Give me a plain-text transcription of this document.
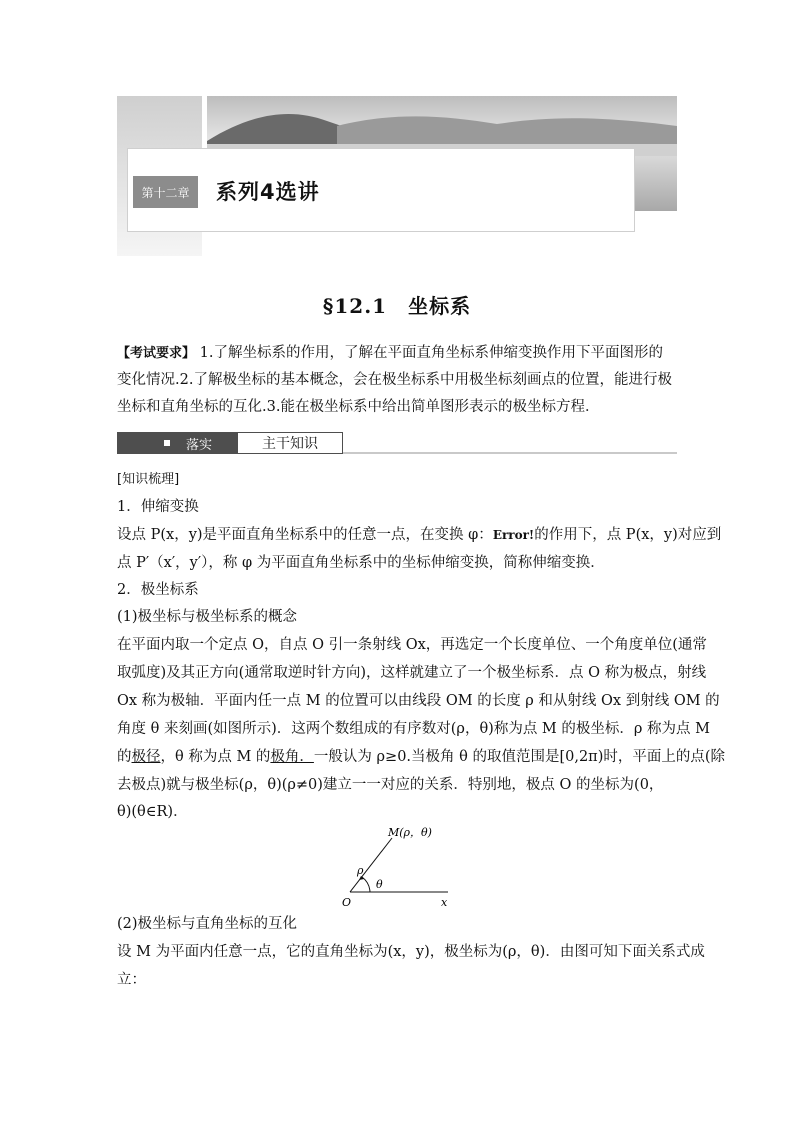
第十二章	系列4选讲
§12.1　坐标系
【考试要求】 1.了解坐标系的作用，了解在平面直角坐标系伸缩变换作用下平面图形的变化情况.2.了解极坐标的基本概念，会在极坐标系中用极坐标刻画点的位置，能进行极坐标和直角坐标的互化.3.能在极坐标系中给出简单图形表示的极坐标方程．
落实	主干知识
[知识梳理]
1．伸缩变换
设点 P(x，y)是平面直角坐标系中的任意一点，在变换 φ：Error!的作用下，点 P(x，y)对应到
点 P′（x′，y′），称 φ 为平面直角坐标系中的坐标伸缩变换，简称伸缩变换．
2．极坐标系
(1)极坐标与极坐标系的概念
在平面内取一个定点 O，自点 O 引一条射线 Ox，再选定一个长度单位、一个角度单位(通常
取弧度)及其正方向(通常取逆时针方向)，这样就建立了一个极坐标系．点 O 称为极点，射线
Ox 称为极轴．平面内任一点 M 的位置可以由线段 OM 的长度 ρ 和从射线 Ox 到射线 OM 的
角度 θ 来刻画(如图所示)．这两个数组成的有序数对(ρ，θ)称为点 M 的极坐标．ρ 称为点 M
的极径，θ 称为点 M 的极角．一般认为 ρ≥0.当极角 θ 的取值范围是[0,2π)时，平面上的点(除
去极点)就与极坐标(ρ，θ)(ρ≠0)建立一一对应的关系．特别地，极点 O 的坐标为(0，
θ)(θ∈R)．
M(ρ，θ)
O	x
ρ
θ
(2)极坐标与直角坐标的互化
设 M 为平面内任意一点，它的直角坐标为(x，y)，极坐标为(ρ，θ)．由图可知下面关系式成
立：
